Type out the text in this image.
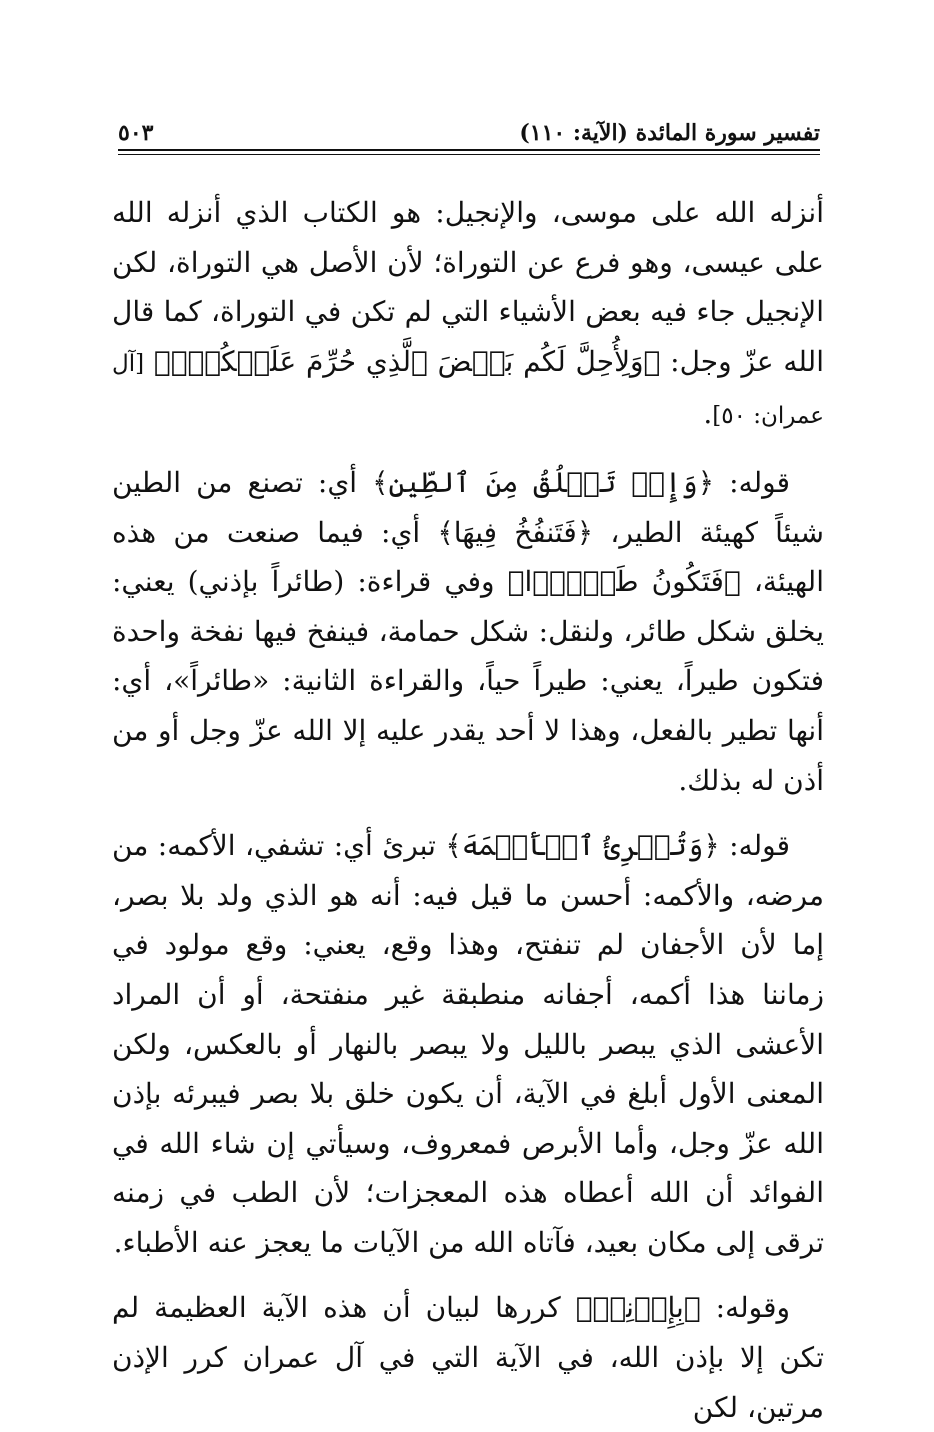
تفسير سورة المائدة (الآية: ١١٠)
٥٠٣

أنزله الله على موسى، والإنجيل: هو الكتاب الذي أنزله الله على عيسى، وهو فرع عن التوراة؛ لأن الأصل هي التوراة، لكن الإنجيل جاء فيه بعض الأشياء التي لم تكن في التوراة، كما قال الله عزّ وجل: ﴿وَلِأُحِلَّ لَكُم بَعۡضَ ٱلَّذِي حُرِّمَ عَلَيۡكُمۡۚ﴾ [آل عمران: ٥٠].

قوله: ﴿وَإِذۡ تَخۡلُقُ مِنَ ٱلطِّينِ﴾ أي: تصنع من الطين شيئاً كهيئة الطير، ﴿فَتَنفُخُ فِيهَا﴾ أي: فيما صنعت من هذه الهيئة، ﴿فَتَكُونُ طَيۡرَۢا﴾ وفي قراءة: (طائراً بإذني) يعني: يخلق شكل طائر، ولنقل: شكل حمامة، فينفخ فيها نفخة واحدة فتكون طيراً، يعني: طيراً حياً، والقراءة الثانية: «طائراً»، أي: أنها تطير بالفعل، وهذا لا أحد يقدر عليه إلا الله عزّ وجل أو من أذن له بذلك.

قوله: ﴿وَتُبۡرِئُ ٱلۡأَكۡمَهَ﴾ تبرئ أي: تشفي، الأكمه: من مرضه، والأكمه: أحسن ما قيل فيه: أنه هو الذي ولد بلا بصر، إما لأن الأجفان لم تنفتح، وهذا وقع، يعني: وقع مولود في زماننا هذا أكمه، أجفانه منطبقة غير منفتحة، أو أن المراد الأعشى الذي يبصر بالليل ولا يبصر بالنهار أو بالعكس، ولكن المعنى الأول أبلغ في الآية، أن يكون خلق بلا بصر فيبرئه بإذن الله عزّ وجل، وأما الأبرص فمعروف، وسيأتي إن شاء الله في الفوائد أن الله أعطاه هذه المعجزات؛ لأن الطب في زمنه ترقى إلى مكان بعيد، فآتاه الله من الآيات ما يعجز عنه الأطباء.

وقوله: ﴿بِإِذۡنِيۖ﴾ كررها لبيان أن هذه الآية العظيمة لم تكن إلا بإذن الله، في الآية التي في آل عمران كرر الإذن مرتين، لكن
